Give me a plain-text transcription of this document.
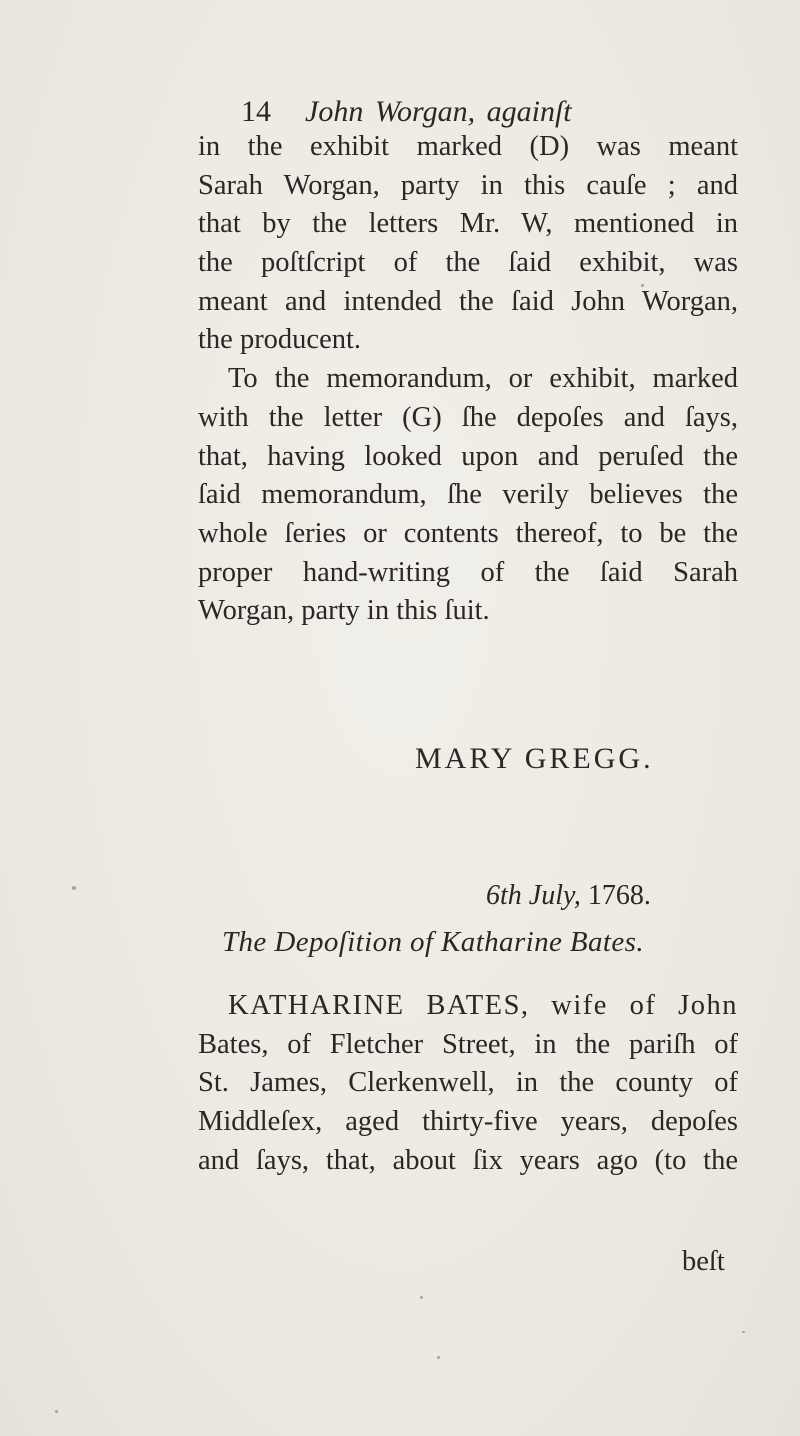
14 John Worgan, againſt
in the exhibit marked (D) was meant
Sarah Worgan, party in this cauſe ; and
that by the letters Mr. W, mentioned in
the poſtſcript of the ſaid exhibit, was
meant and intended the ſaid John Worgan,
the producent.
To the memorandum, or exhibit, marked
with the letter (G) ſhe depoſes and ſays,
that, having looked upon and peruſed the
ſaid memorandum, ſhe verily believes the
whole ſeries or contents thereof, to be the
proper hand-writing of the ſaid Sarah
Worgan, party in this ſuit.
MARY GREGG.
6th July, 1768.
The Depoſition of Katharine Bates.
KATHARINE BATES, wife of John
Bates, of Fletcher Street, in the pariſh of
St. James, Clerkenwell, in the county of
Middleſex, aged thirty-five years, depoſes
and ſays, that, about ſix years ago (to the
beſt
